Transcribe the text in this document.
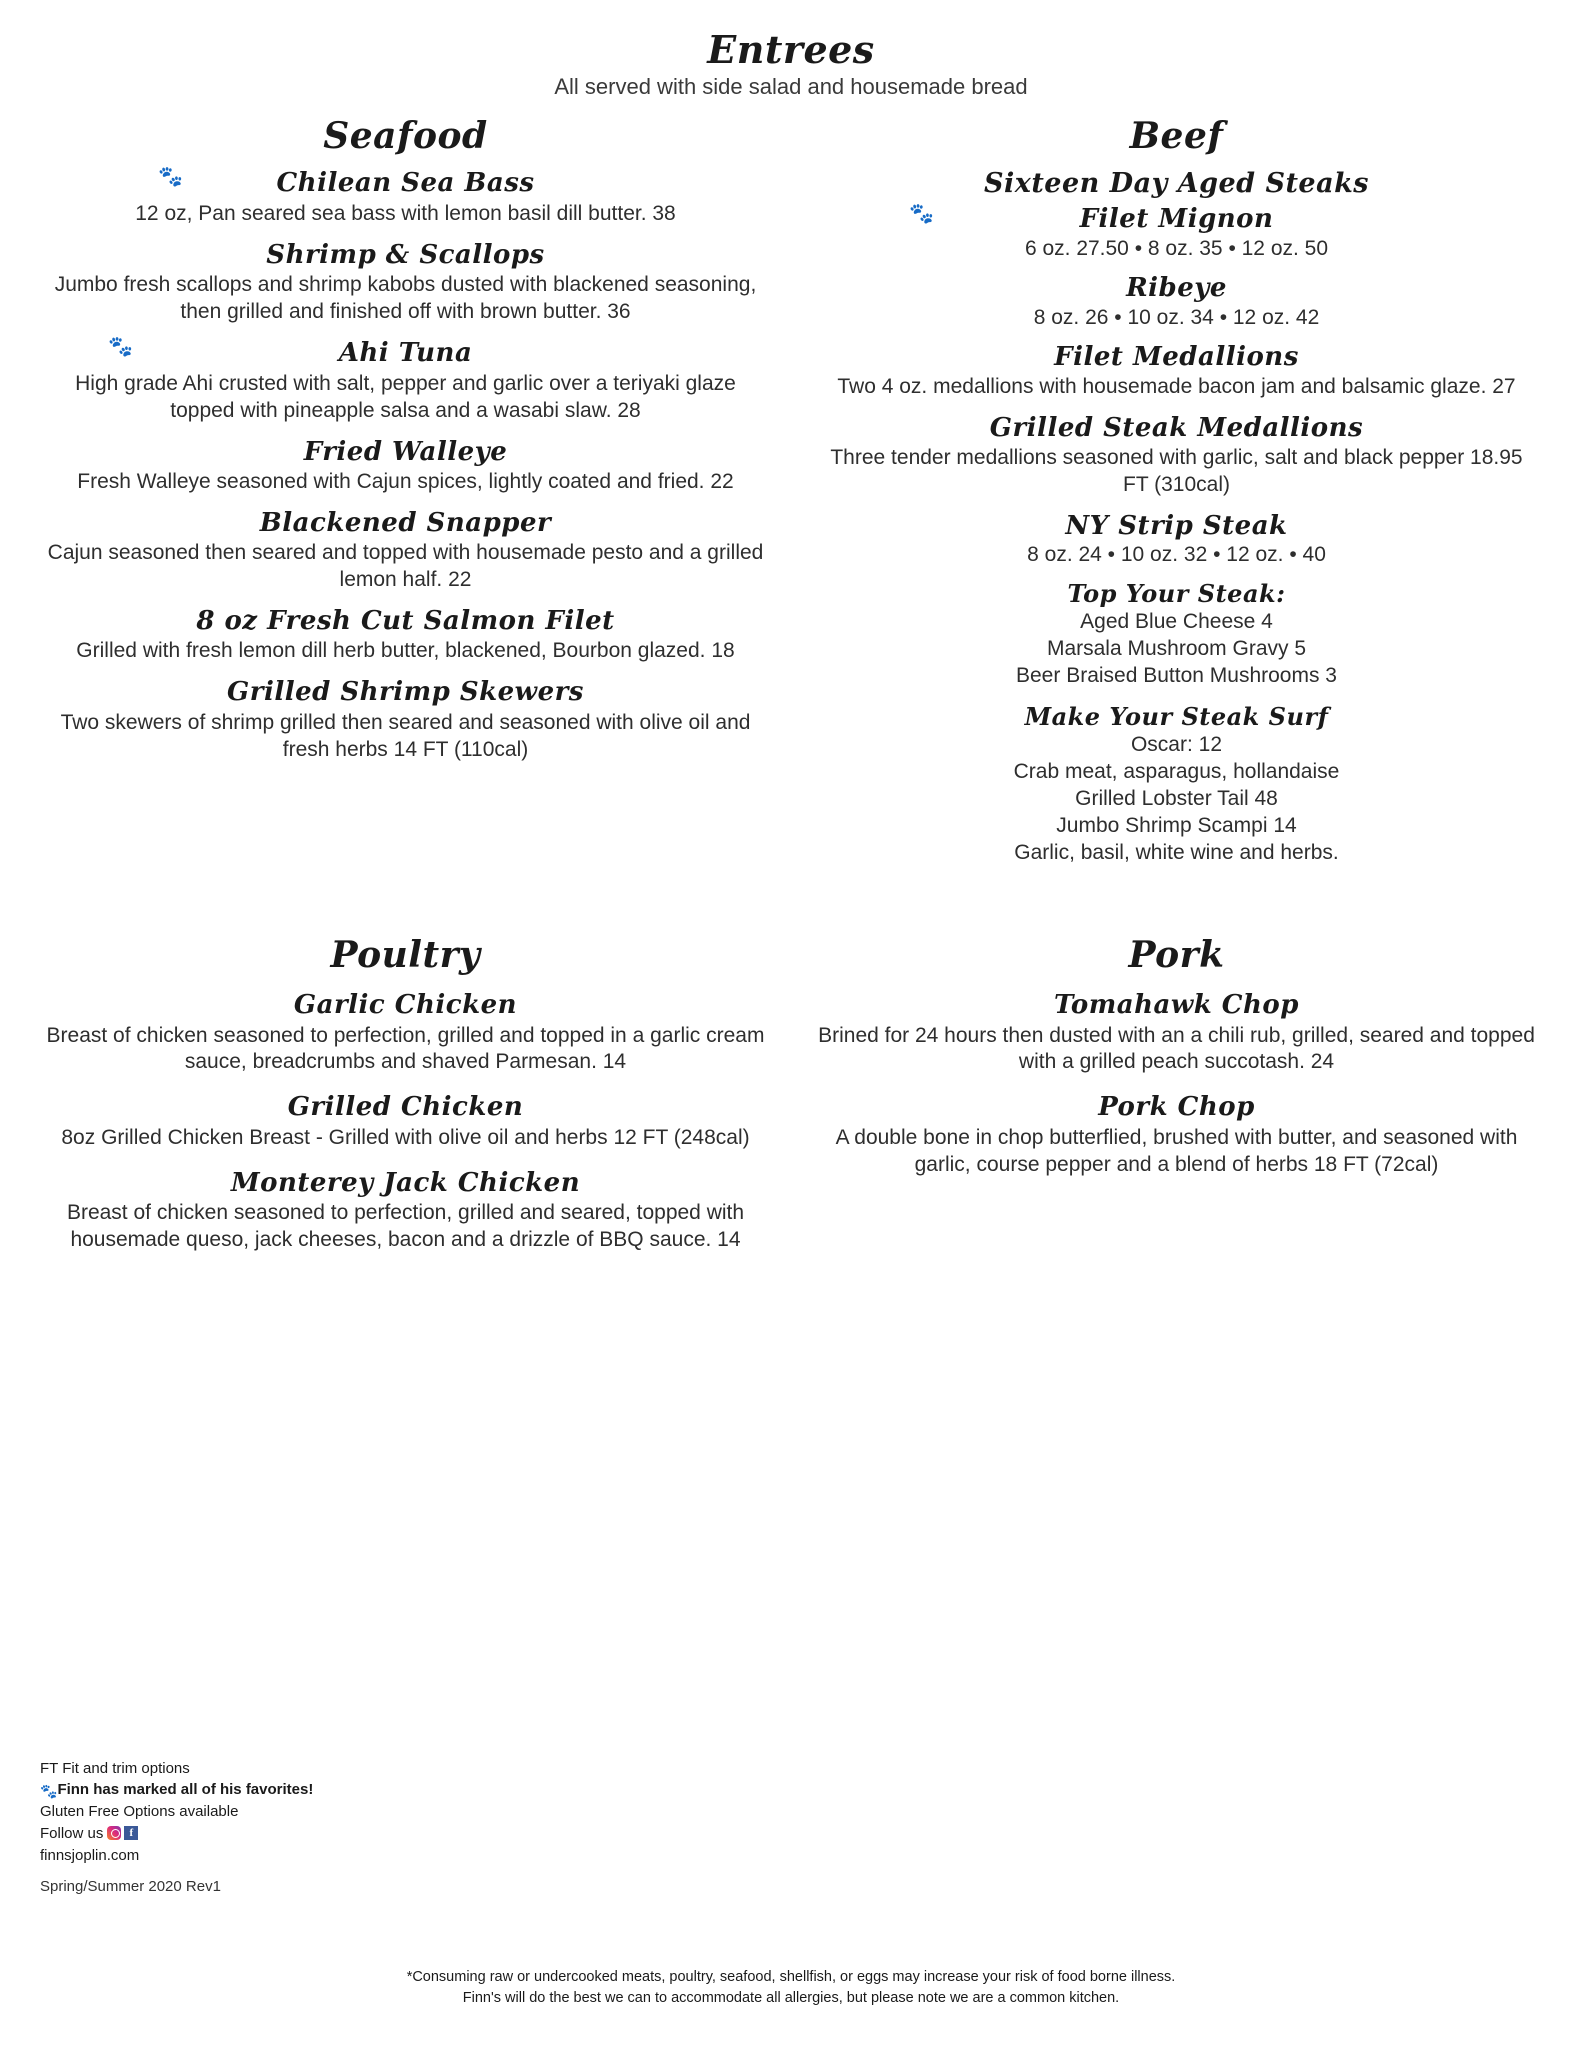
Entrees
All served with side salad and housemade bread
Seafood
Chilean Sea Bass
🐾
12 oz, Pan seared sea bass with lemon basil dill butter. 38
Shrimp & Scallops
Jumbo fresh scallops and shrimp kabobs dusted with blackened seasoning, then grilled and finished off with brown butter. 36
Ahi Tuna
🐾
High grade Ahi crusted with salt, pepper and garlic over a teriyaki glaze topped with pineapple salsa and a wasabi slaw. 28
Fried Walleye
Fresh Walleye seasoned with Cajun spices, lightly coated and fried. 22
Blackened Snapper
Cajun seasoned then seared and topped with housemade pesto and a grilled lemon half. 22
8 oz Fresh Cut Salmon Filet
Grilled with fresh lemon dill herb butter, blackened, Bourbon glazed. 18
Grilled Shrimp Skewers
Two skewers of shrimp grilled then seared and seasoned with olive oil and fresh herbs 14 FT (110cal)
Beef
Sixteen Day Aged Steaks
Filet Mignon
🐾
6 oz. 27.50 • 8 oz. 35 • 12 oz. 50
Ribeye
8 oz. 26 • 10 oz. 34 • 12 oz. 42
Filet Medallions
Two 4 oz. medallions with housemade bacon jam and balsamic glaze. 27
Grilled Steak Medallions
Three tender medallions seasoned with garlic, salt and black pepper 18.95 FT (310cal)
NY Strip Steak
8 oz. 24 • 10 oz. 32 • 12 oz. • 40
Top Your Steak:
Aged Blue Cheese 4
Marsala Mushroom Gravy 5
Beer Braised Button Mushrooms 3
Make Your Steak Surf
Oscar: 12
Crab meat, asparagus, hollandaise
Grilled Lobster Tail 48
Jumbo Shrimp Scampi 14
Garlic, basil, white wine and herbs.
Poultry
Garlic Chicken
Breast of chicken seasoned to perfection, grilled and topped in a garlic cream sauce, breadcrumbs and shaved Parmesan. 14
Grilled Chicken
8oz Grilled Chicken Breast - Grilled with olive oil and herbs 12 FT (248cal)
Monterey Jack Chicken
Breast of chicken seasoned to perfection, grilled and seared, topped with housemade queso, jack cheeses, bacon and a drizzle of BBQ sauce. 14
Pork
Tomahawk Chop
Brined for 24 hours then dusted with an a chili rub, grilled, seared and topped with a grilled peach succotash. 24
Pork Chop
A double bone in chop butterflied, brushed with butter, and seasoned with garlic, course pepper and a blend of herbs 18 FT (72cal)
FT Fit and trim options
🐾Finn has marked all of his favorites!
Gluten Free Options available
Follow us	f
finnsjoplin.com
Spring/Summer 2020 Rev1
*Consuming raw or undercooked meats, poultry, seafood, shellfish, or eggs may increase your risk of food borne illness.
Finn's will do the best we can to accommodate all allergies, but please note we are a common kitchen.
